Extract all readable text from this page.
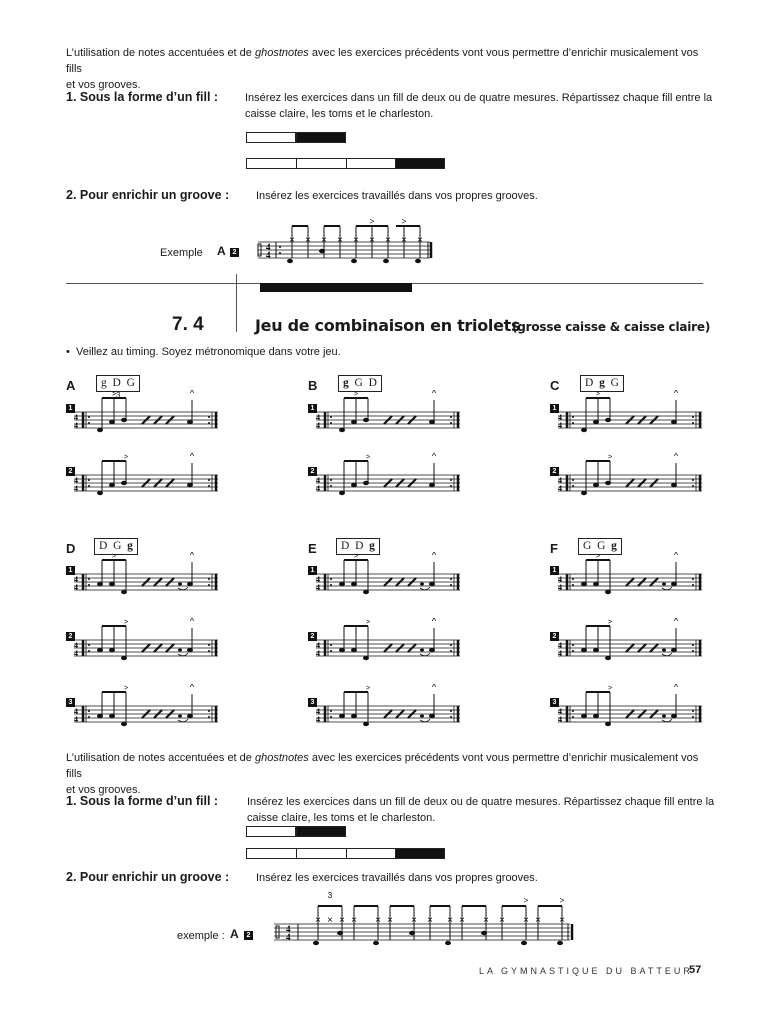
L’utilisation de notes accentuées et de ghostnotes avec les exercices précédents vont vous permettre d’enrichir musicalement vos fills
et vos grooves.
1. Sous la forme d’un fill : Insérez les exercices dans un fill de deux ou de quatre mesures. Répartissez chaque fill entre la
caisse claire, les toms et le charleston.
2. Pour enrichir un groove : Insérez les exercices travaillés dans vos propres grooves.
Exemple A 2
4
4
× × × × × × × × ×
>	>
7. 4	Jeu de combinaison en triolets
(grosse caisse & caisse claire)
•  Veillez au timing. Soyez métronomique dans votre jeu.
A	g D G
1
4
4
>	^
2
4
4
>	^
3
B	g G D
1
4
4
>	^
2
4
4
>	^
C	D g G
1
4
4
>	^
2
4
4
>	^
D	D G g
1
4
4
>	^
2
4
4
>	^
3
4
4
>	^
E	D D g
1
4
4
>	^
2
4
4
>	^
3
4
4
>	^
F	G G g
1
4
4
>	^
2
4
4
>	^
3
4
4
>	^
L’utilisation de notes accentuées et de ghostnotes avec les exercices précédents vont vous permettre d’enrichir musicalement vos fills
et vos grooves.
1. Sous la forme d’un fill :	Insérez les exercices dans un fill de deux ou de quatre mesures. Répartissez chaque fill entre la
caisse claire, les toms et le charleston.
2. Pour enrichir un groove : Insérez les exercices travaillés dans vos propres grooves.
exemple : A	2
4
4
3
× × × × × × × × × × × × × × ×
>	>
LA GYMNASTIQUE DU BATTEUR
57
